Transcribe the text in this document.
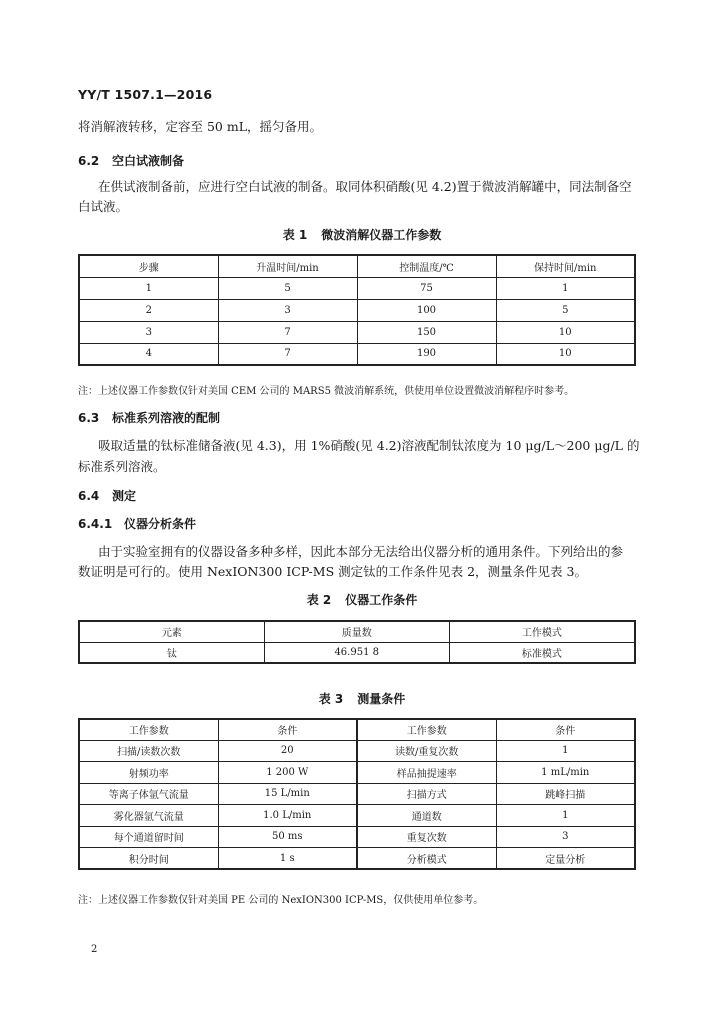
YY/T 1507.1—2016
将消解液转移，定容至 50 mL，摇匀备用。
6.2 空白试液制备
在供试液制备前，应进行空白试液的制备。取同体积硝酸(见 4.2)置于微波消解罐中，同法制备空
白试液。
表 1 微波消解仪器工作参数
步骤	升温时间/min	控制温度/℃	保持时间/min
1	5	75	1
2	3	100	5
3	7	150	10
4	7	190	10
注：上述仪器工作参数仅针对美国 CEM 公司的 MARS5 微波消解系统，供使用单位设置微波消解程序时参考。
6.3 标准系列溶液的配制
吸取适量的钛标准储备液(见 4.3)，用 1%硝酸(见 4.2)溶液配制钛浓度为 10 μg/L～200 μg/L 的
标准系列溶液。
6.4 测定
6.4.1 仪器分析条件
由于实验室拥有的仪器设备多种多样，因此本部分无法给出仪器分析的通用条件。下列给出的参
数证明是可行的。使用 NexION300 ICP-MS 测定钛的工作条件见表 2，测量条件见表 3。
表 2 仪器工作条件
元素	质量数	工作模式
钛	46.951 8	标准模式
表 3 测量条件
工作参数	条件	工作参数	条件
扫描/读数次数	20	读数/重复次数	1
射频功率	1 200 W	样品抽提速率	1 mL/min
等离子体氩气流量	15 L/min	扫描方式	跳峰扫描
雾化器氩气流量	1.0 L/min	通道数	1
每个通道留时间	50 ms	重复次数	3
积分时间	1 s	分析模式	定量分析
注：上述仪器工作参数仅针对美国 PE 公司的 NexION300 ICP-MS，仅供使用单位参考。
2
